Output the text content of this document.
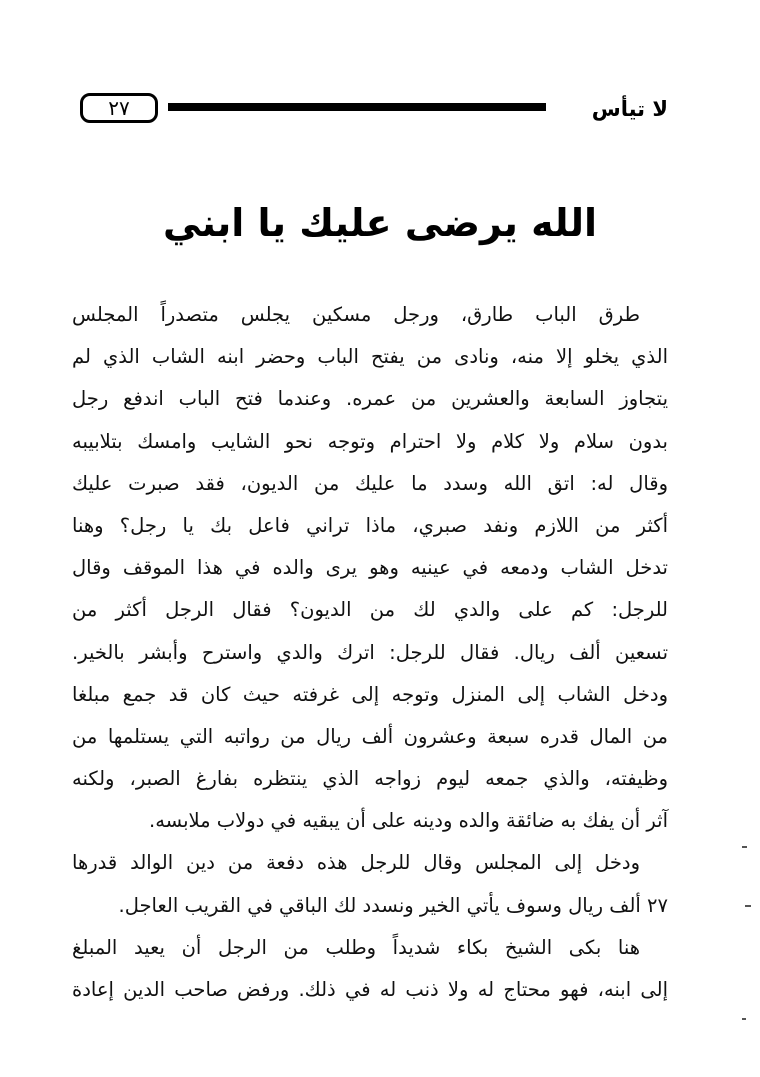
لا تيأس
٢٧
الله يرضى عليك يا ابني
طرق الباب طارق، ورجل مسكين يجلس متصدراً المجلس
الذي يخلو إلا منه، ونادى من يفتح الباب وحضر ابنه الشاب الذي لم
يتجاوز السابعة والعشرين من عمره. وعندما فتح الباب اندفع رجل
بدون سلام ولا كلام ولا احترام وتوجه نحو الشايب وامسك بتلابيبه
وقال له: اتق الله وسدد ما عليك من الديون، فقد صبرت عليك
أكثر من اللازم ونفد صبري، ماذا تراني فاعل بك يا رجل؟ وهنا
تدخل الشاب ودمعه في عينيه وهو يرى والده في هذا الموقف وقال
للرجل: كم على والدي لك من الديون؟ فقال الرجل أكثر من
تسعين ألف ريال. فقال للرجل: اترك والدي واسترح وأبشر بالخير.
ودخل الشاب إلى المنزل وتوجه إلى غرفته حيث كان قد جمع مبلغا
من المال قدره سبعة وعشرون ألف ريال من رواتبه التي يستلمها من
وظيفته، والذي جمعه ليوم زواجه الذي ينتظره بفارغ الصبر، ولكنه
آثر أن يفك به ضائقة والده ودينه على أن يبقيه في دولاب ملابسه.
ودخل إلى المجلس وقال للرجل هذه دفعة من دين الوالد قدرها
٢٧ ألف ريال وسوف يأتي الخير ونسدد لك الباقي في القريب العاجل.
هنا بكى الشيخ بكاء شديداً وطلب من الرجل أن يعيد المبلغ
إلى ابنه، فهو محتاج له ولا ذنب له في ذلك. ورفض صاحب الدين إعادة
